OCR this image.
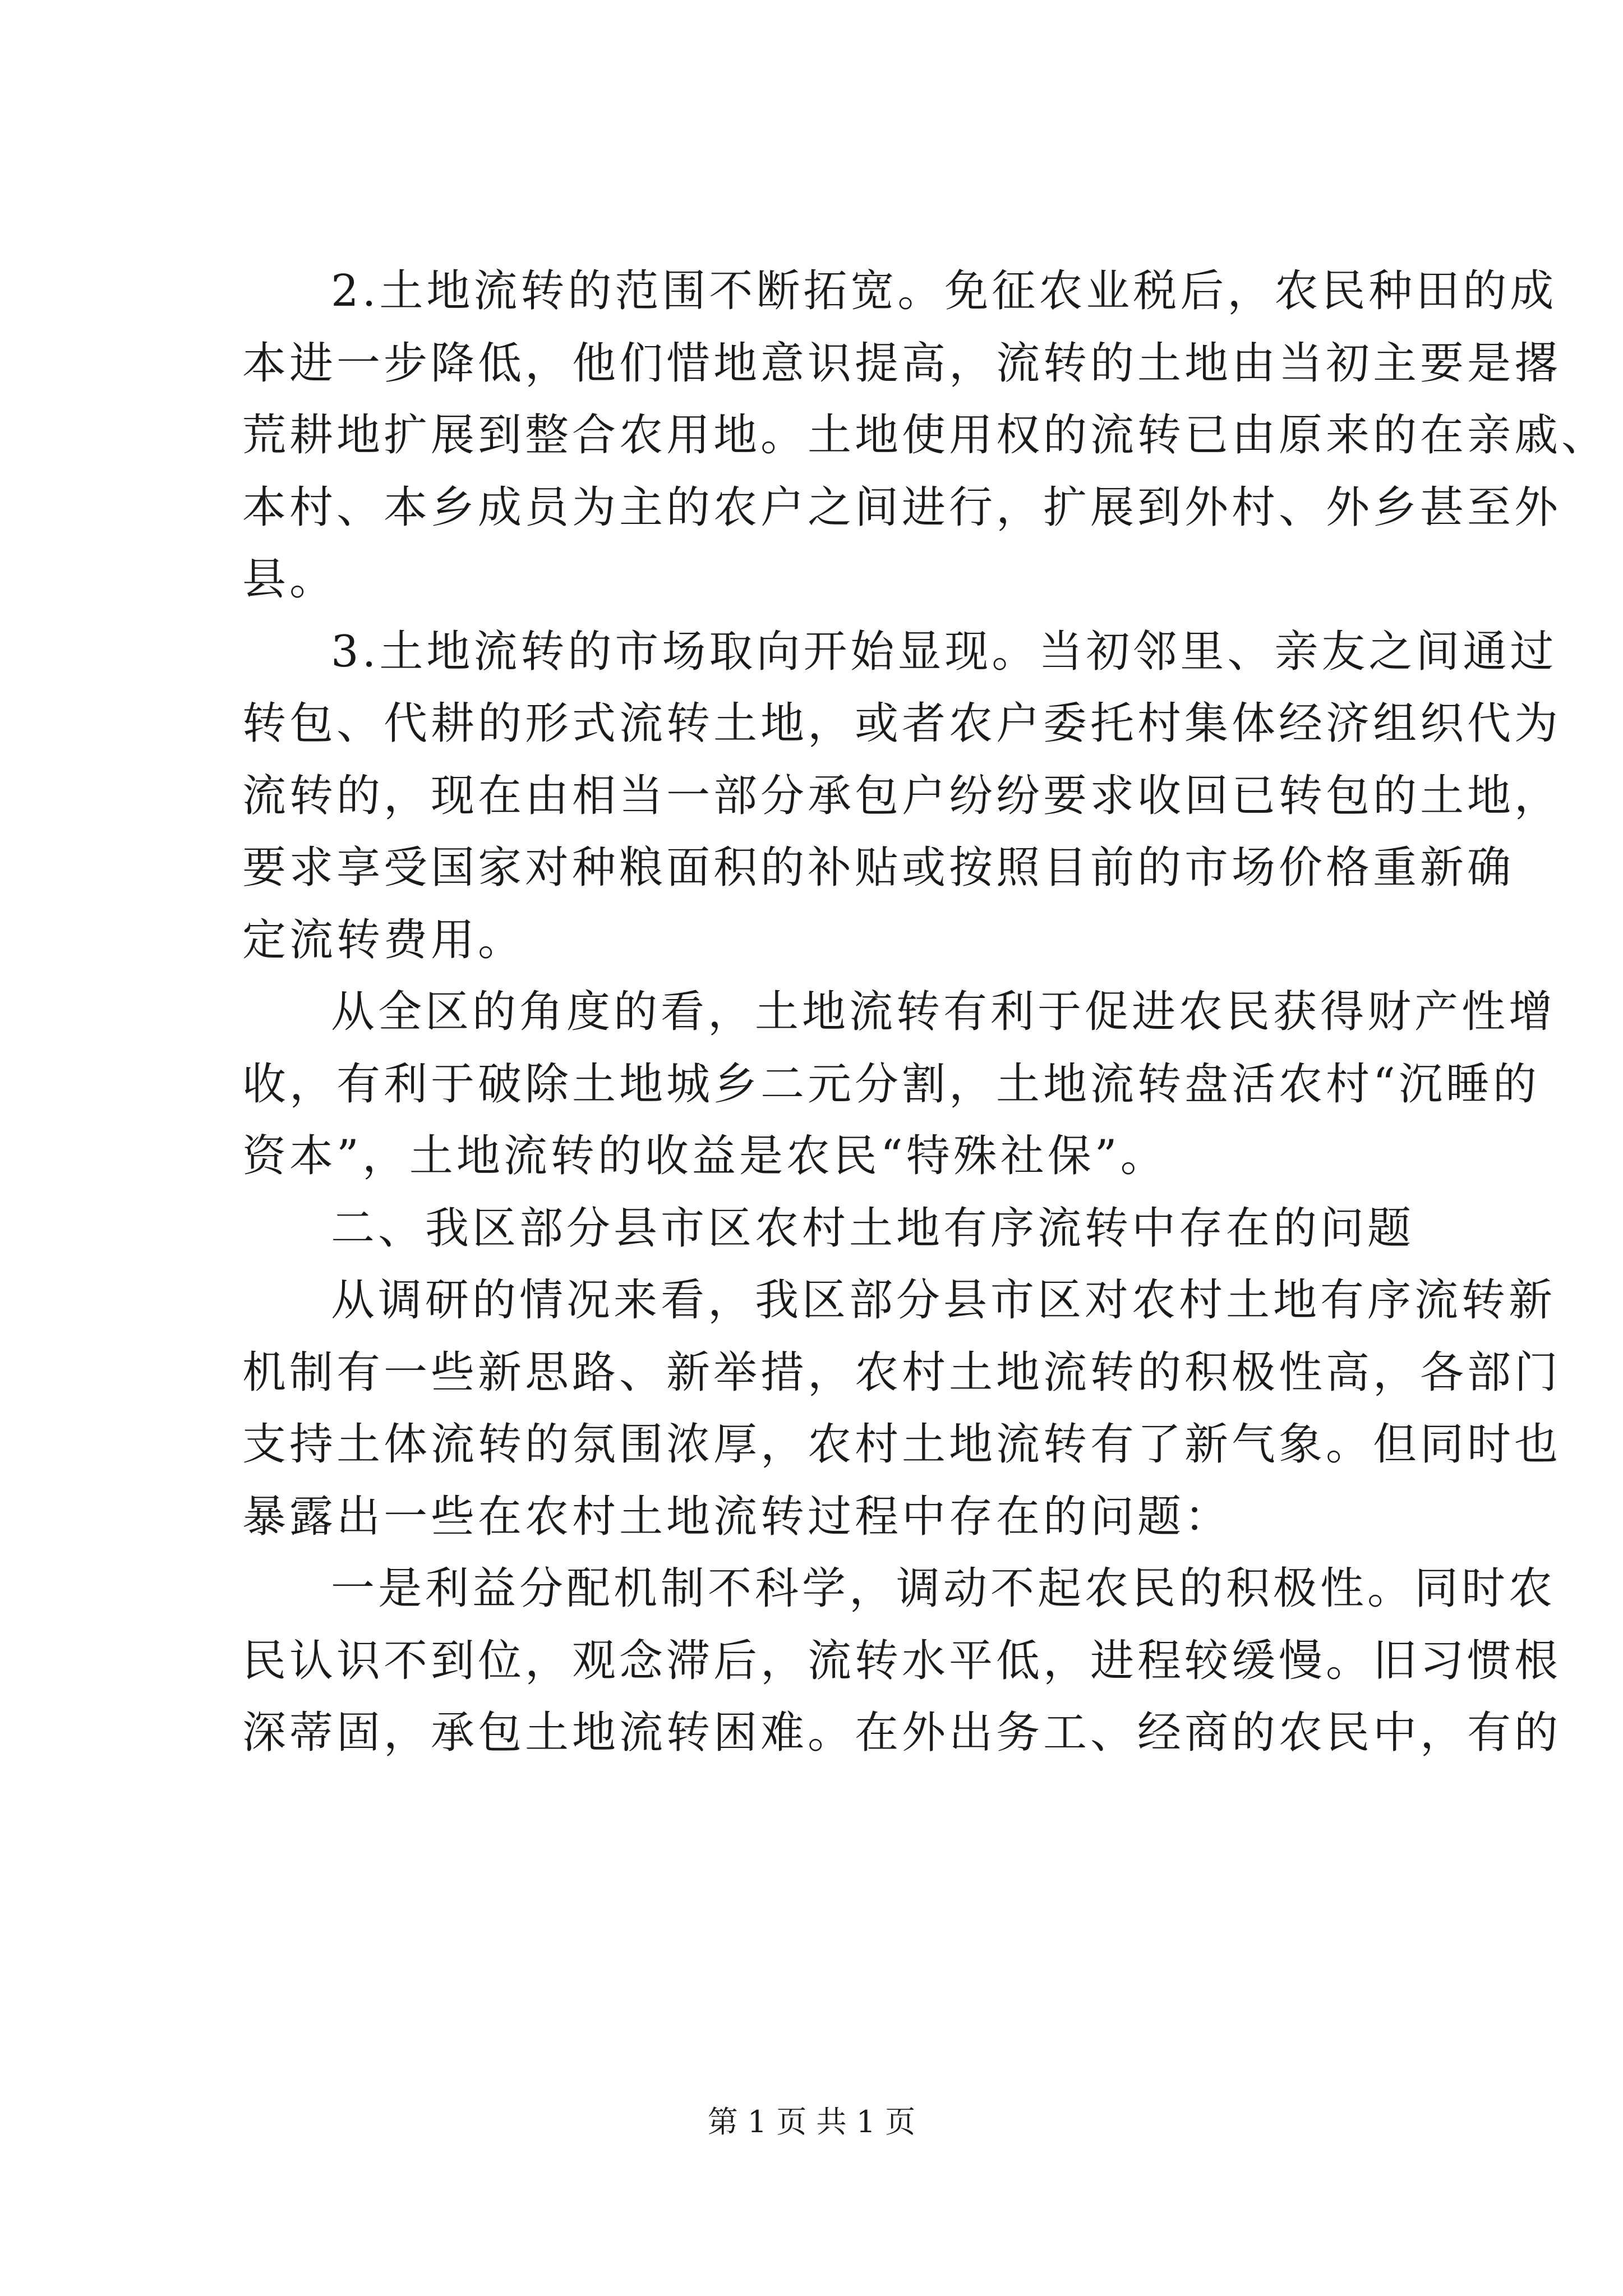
2.土地流转的范围不断拓宽。免征农业税后，农民种田的成
本进一步降低，他们惜地意识提高，流转的土地由当初主要是撂
荒耕地扩展到整合农用地。土地使用权的流转已由原来的在亲戚、
本村、本乡成员为主的农户之间进行，扩展到外村、外乡甚至外
县。
3.土地流转的市场取向开始显现。当初邻里、亲友之间通过
转包、代耕的形式流转土地，或者农户委托村集体经济组织代为
流转的，现在由相当一部分承包户纷纷要求收回已转包的土地，
要求享受国家对种粮面积的补贴或按照目前的市场价格重新确
定流转费用。
从全区的角度的看，土地流转有利于促进农民获得财产性增
收，有利于破除土地城乡二元分割，土地流转盘活农村“沉睡的
资本”，土地流转的收益是农民“特殊社保”。
二、我区部分县市区农村土地有序流转中存在的问题
从调研的情况来看，我区部分县市区对农村土地有序流转新
机制有一些新思路、新举措，农村土地流转的积极性高，各部门
支持土体流转的氛围浓厚，农村土地流转有了新气象。但同时也
暴露出一些在农村土地流转过程中存在的问题：
一是利益分配机制不科学，调动不起农民的积极性。同时农
民认识不到位，观念滞后，流转水平低，进程较缓慢。旧习惯根
深蒂固，承包土地流转困难。在外出务工、经商的农民中，有的
第 1 页 共 1 页
